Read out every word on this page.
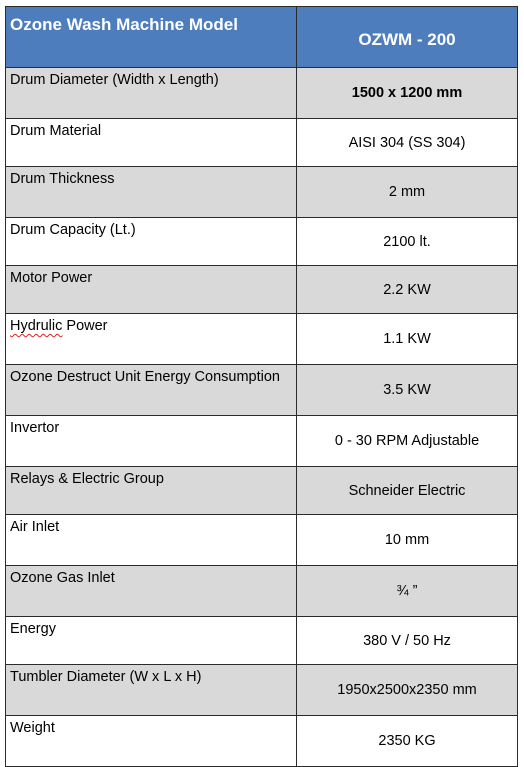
Ozone Wash Machine Model	OZWM - 200
Drum Diameter (Width x Length)	1500 x 1200 mm
Drum Material	AISI 304 (SS 304)
Drum Thickness	2 mm
Drum Capacity (Lt.)	2100 lt.
Motor Power	2.2 KW
Hydrulic Power	1.1 KW
Ozone Destruct Unit Energy Consumption	3.5 KW
Invertor	0 - 30 RPM Adjustable
Relays & Electric Group	Schneider Electric
Air Inlet	10 mm
Ozone Gas Inlet	¾ ”
Energy	380 V / 50 Hz
Tumbler Diameter (W x L x H)	1950x2500x2350 mm
Weight	2350 KG
